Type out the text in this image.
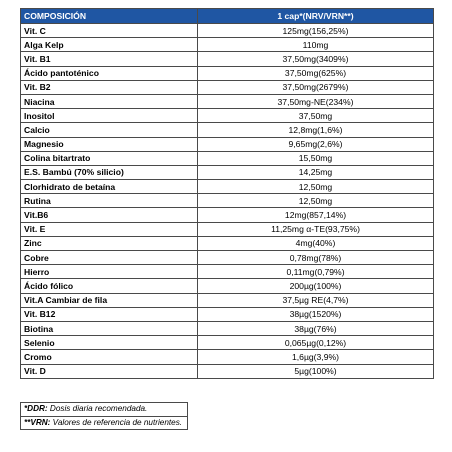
COMPOSICIÓN	1 cap*(NRV/VRN**)
Vit. C	125mg(156,25%)
Alga Kelp	110mg
Vit. B1	37,50mg(3409%)
Ácido pantoténico	37,50mg(625%)
Vit. B2	37,50mg(2679%)
Niacina	37,50mg-NE(234%)
Inositol	37,50mg
Calcio	12,8mg(1,6%)
Magnesio	9,65mg(2,6%)
Colina bitartrato	15,50mg
E.S. Bambú (70% silicio)	14,25mg
Clorhidrato de betaína	12,50mg
Rutina	12,50mg
Vit.B6	12mg(857,14%)
Vit. E	11,25mg α-TE(93,75%)
Zinc	4mg(40%)
Cobre	0,78mg(78%)
Hierro	0,11mg(0,79%)
Ácido fólico	200µg(100%)
Vit.A Cambiar de fila	37,5µg RE(4,7%)
Vit. B12	38µg(1520%)
Biotina	38µg(76%)
Selenio	0,065µg(0,12%)
Cromo	1,6µg(3,9%)
Vit. D	5µg(100%)
*DDR: Dosis diaria recomendada.
**VRN: Valores de referencia de nutrientes.
